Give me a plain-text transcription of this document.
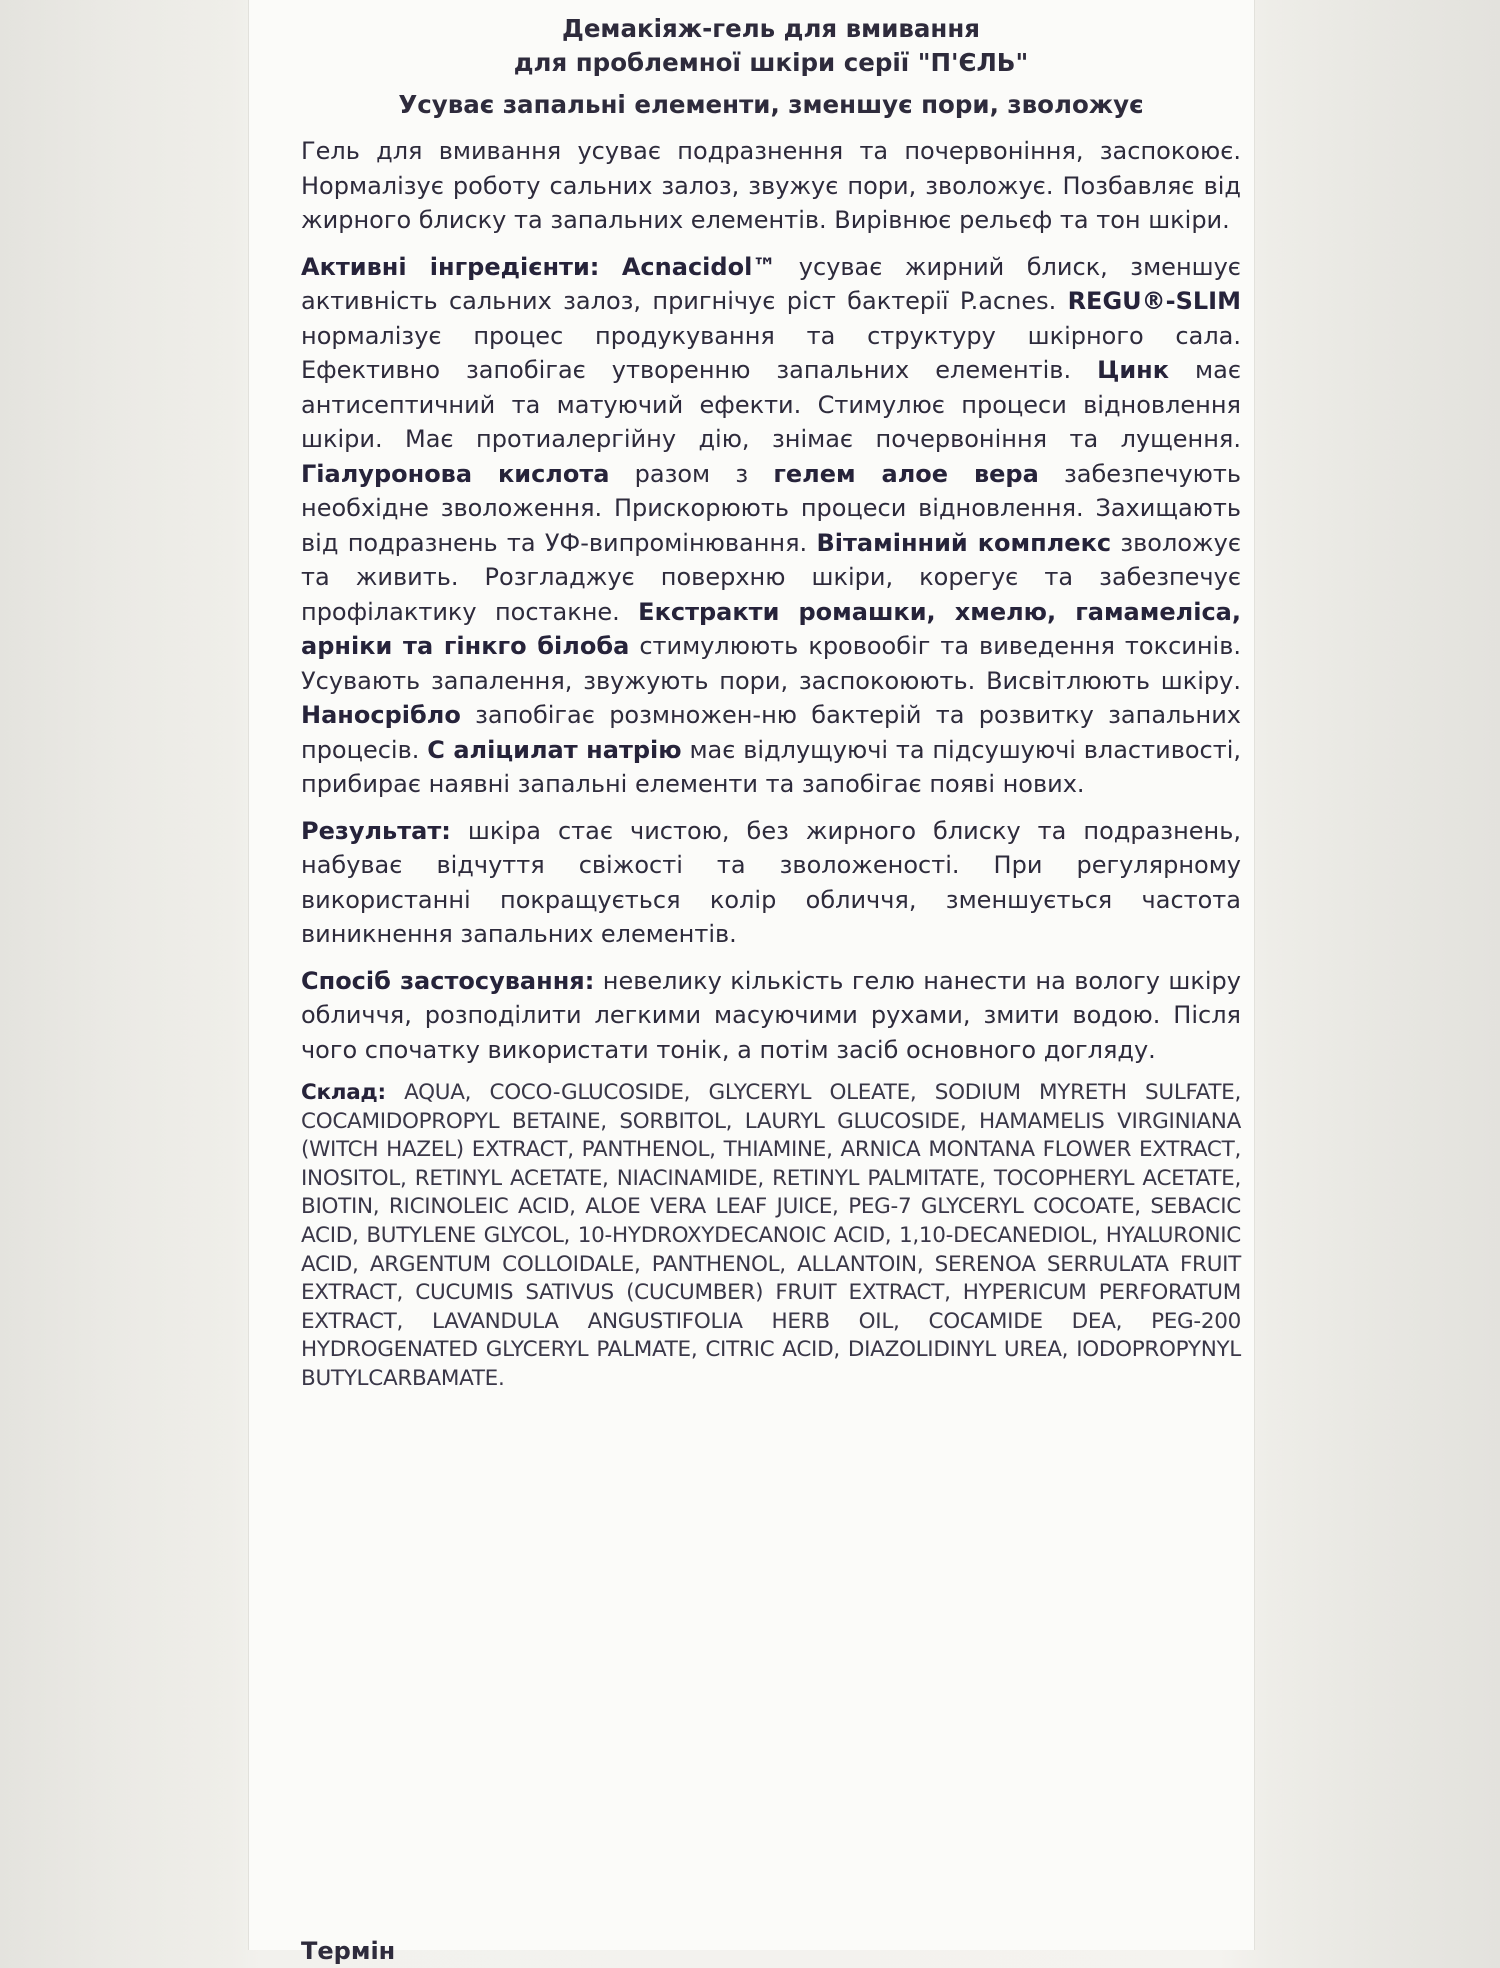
Демакіяж-гель для вмивання
для проблемної шкіри серії "П'ЄЛЬ"
Усуває запальні елементи, зменшує пори, зволожує

Гель для вмивання усуває подразнення та почервоніння, заспокоює. Нормалізує роботу сальних залоз, звужує пори, зволожує. Позбавляє від жирного блиску та запальних елементів. Вирівнює рельєф та тон шкіри.

Активні інгредієнти: Acnacidol™ усуває жирний блиск, зменшує активність сальних залоз, пригнічує ріст бактерії P.acnes. REGU®-SLIM нормалізує процес продукування та структуру шкірного сала. Ефективно запобігає утворенню запальних елементів. Цинк має антисептичний та матуючий ефекти. Стимулює процеси відновлення шкіри. Має протиалергійну дію, знімає почервоніння та лущення. Гіалуронова кислота разом з гелем алое вера забезпечують необхідне зволоження. Прискорюють процеси відновлення. Захищають від подразнень та УФ-випромінювання. Вітамінний комплекс зволожує та живить. Розгладжує поверхню шкіри, корегує та забезпечує профілактику постакне. Екстракти ромашки, хмелю, гамамеліса, арніки та гінкго білоба стимулюють кровообіг та виведення токсинів. Усувають запалення, звужують пори, заспокоюють. Висвітлюють шкіру. Наносрібло запобігає розмножен-ню бактерій та розвитку запальних процесів. С аліцилат натрію має відлущуючі та підсушуючі властивості, прибирає наявні запальні елементи та запобігає появі нових.

Результат: шкіра стає чистою, без жирного блиску та подразнень, набуває відчуття свіжості та зволоженості. При регулярному використанні покращується колір обличчя, зменшується частота виникнення запальних елементів.

Спосіб застосування: невелику кількість гелю нанести на вологу шкіру обличчя, розподілити легкими масуючими рухами, змити водою. Після чого спочатку використати тонік, а потім засіб основного догляду.

Склад: AQUA, COCO-GLUCOSIDE, GLYCERYL OLEATE, SODIUM MYRETH SULFATE, COCAMIDOPROPYL BETAINE, SORBITOL, LAURYL GLUCOSIDE, HAMAMELIS VIRGINIANA (WITCH HAZEL) EXTRACT, PANTHENOL, THIAMINE, ARNICA MONTANA FLOWER EXTRACT, INOSITOL, RETINYL ACETATE, NIACINAMIDE, RETINYL PALMITATE, TOCOPHERYL ACETATE, BIOTIN, RICINOLEIC ACID, ALOE VERA LEAF JUICE, PEG-7 GLYCERYL COCOATE, SEBACIC ACID, BUTYLENE GLYCOL, 10-HYDROXYDECANOIC ACID, 1,10-DECANEDIOL, HYALURONIC ACID, ARGENTUM COLLOIDALE, PANTHENOL, ALLANTOIN, SERENOA SERRULATA FRUIT EXTRACT, CUCUMIS SATIVUS (CUCUMBER) FRUIT EXTRACT, HYPERICUM PERFORATUM EXTRACT, LAVANDULA ANGUSTIFOLIA HERB OIL, COCAMIDE DEA, PEG-200 HYDROGENATED GLYCERYL PALMATE, CITRIC ACID, DIAZOLIDINYL UREA, IODOPROPYNYL BUTYLCARBAMATE.

Термін
